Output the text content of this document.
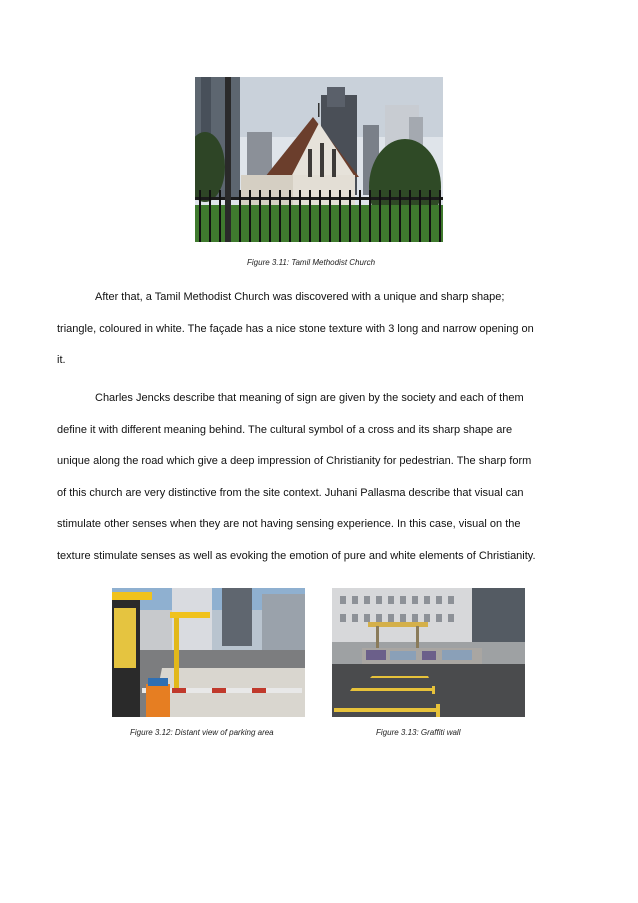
Figure 3.11: Tamil Methodist Church
After that, a Tamil Methodist Church was discovered with a unique and sharp shape;
triangle, coloured in white. The façade has a nice stone texture with 3 long and narrow opening on
it.
Charles Jencks describe that meaning of sign are given by the society and each of them
define it with different meaning behind. The cultural symbol of a cross and its sharp shape are
unique along the road which give a deep impression of Christianity for pedestrian. The sharp form
of this church are very distinctive from the site context. Juhani Pallasma describe that visual can
stimulate other senses when they are not having sensing experience. In this case, visual on the
texture stimulate senses as well as evoking the emotion of pure and white elements of Christianity.
Figure 3.12: Distant view of parking area	Figure 3.13: Graffiti wall
